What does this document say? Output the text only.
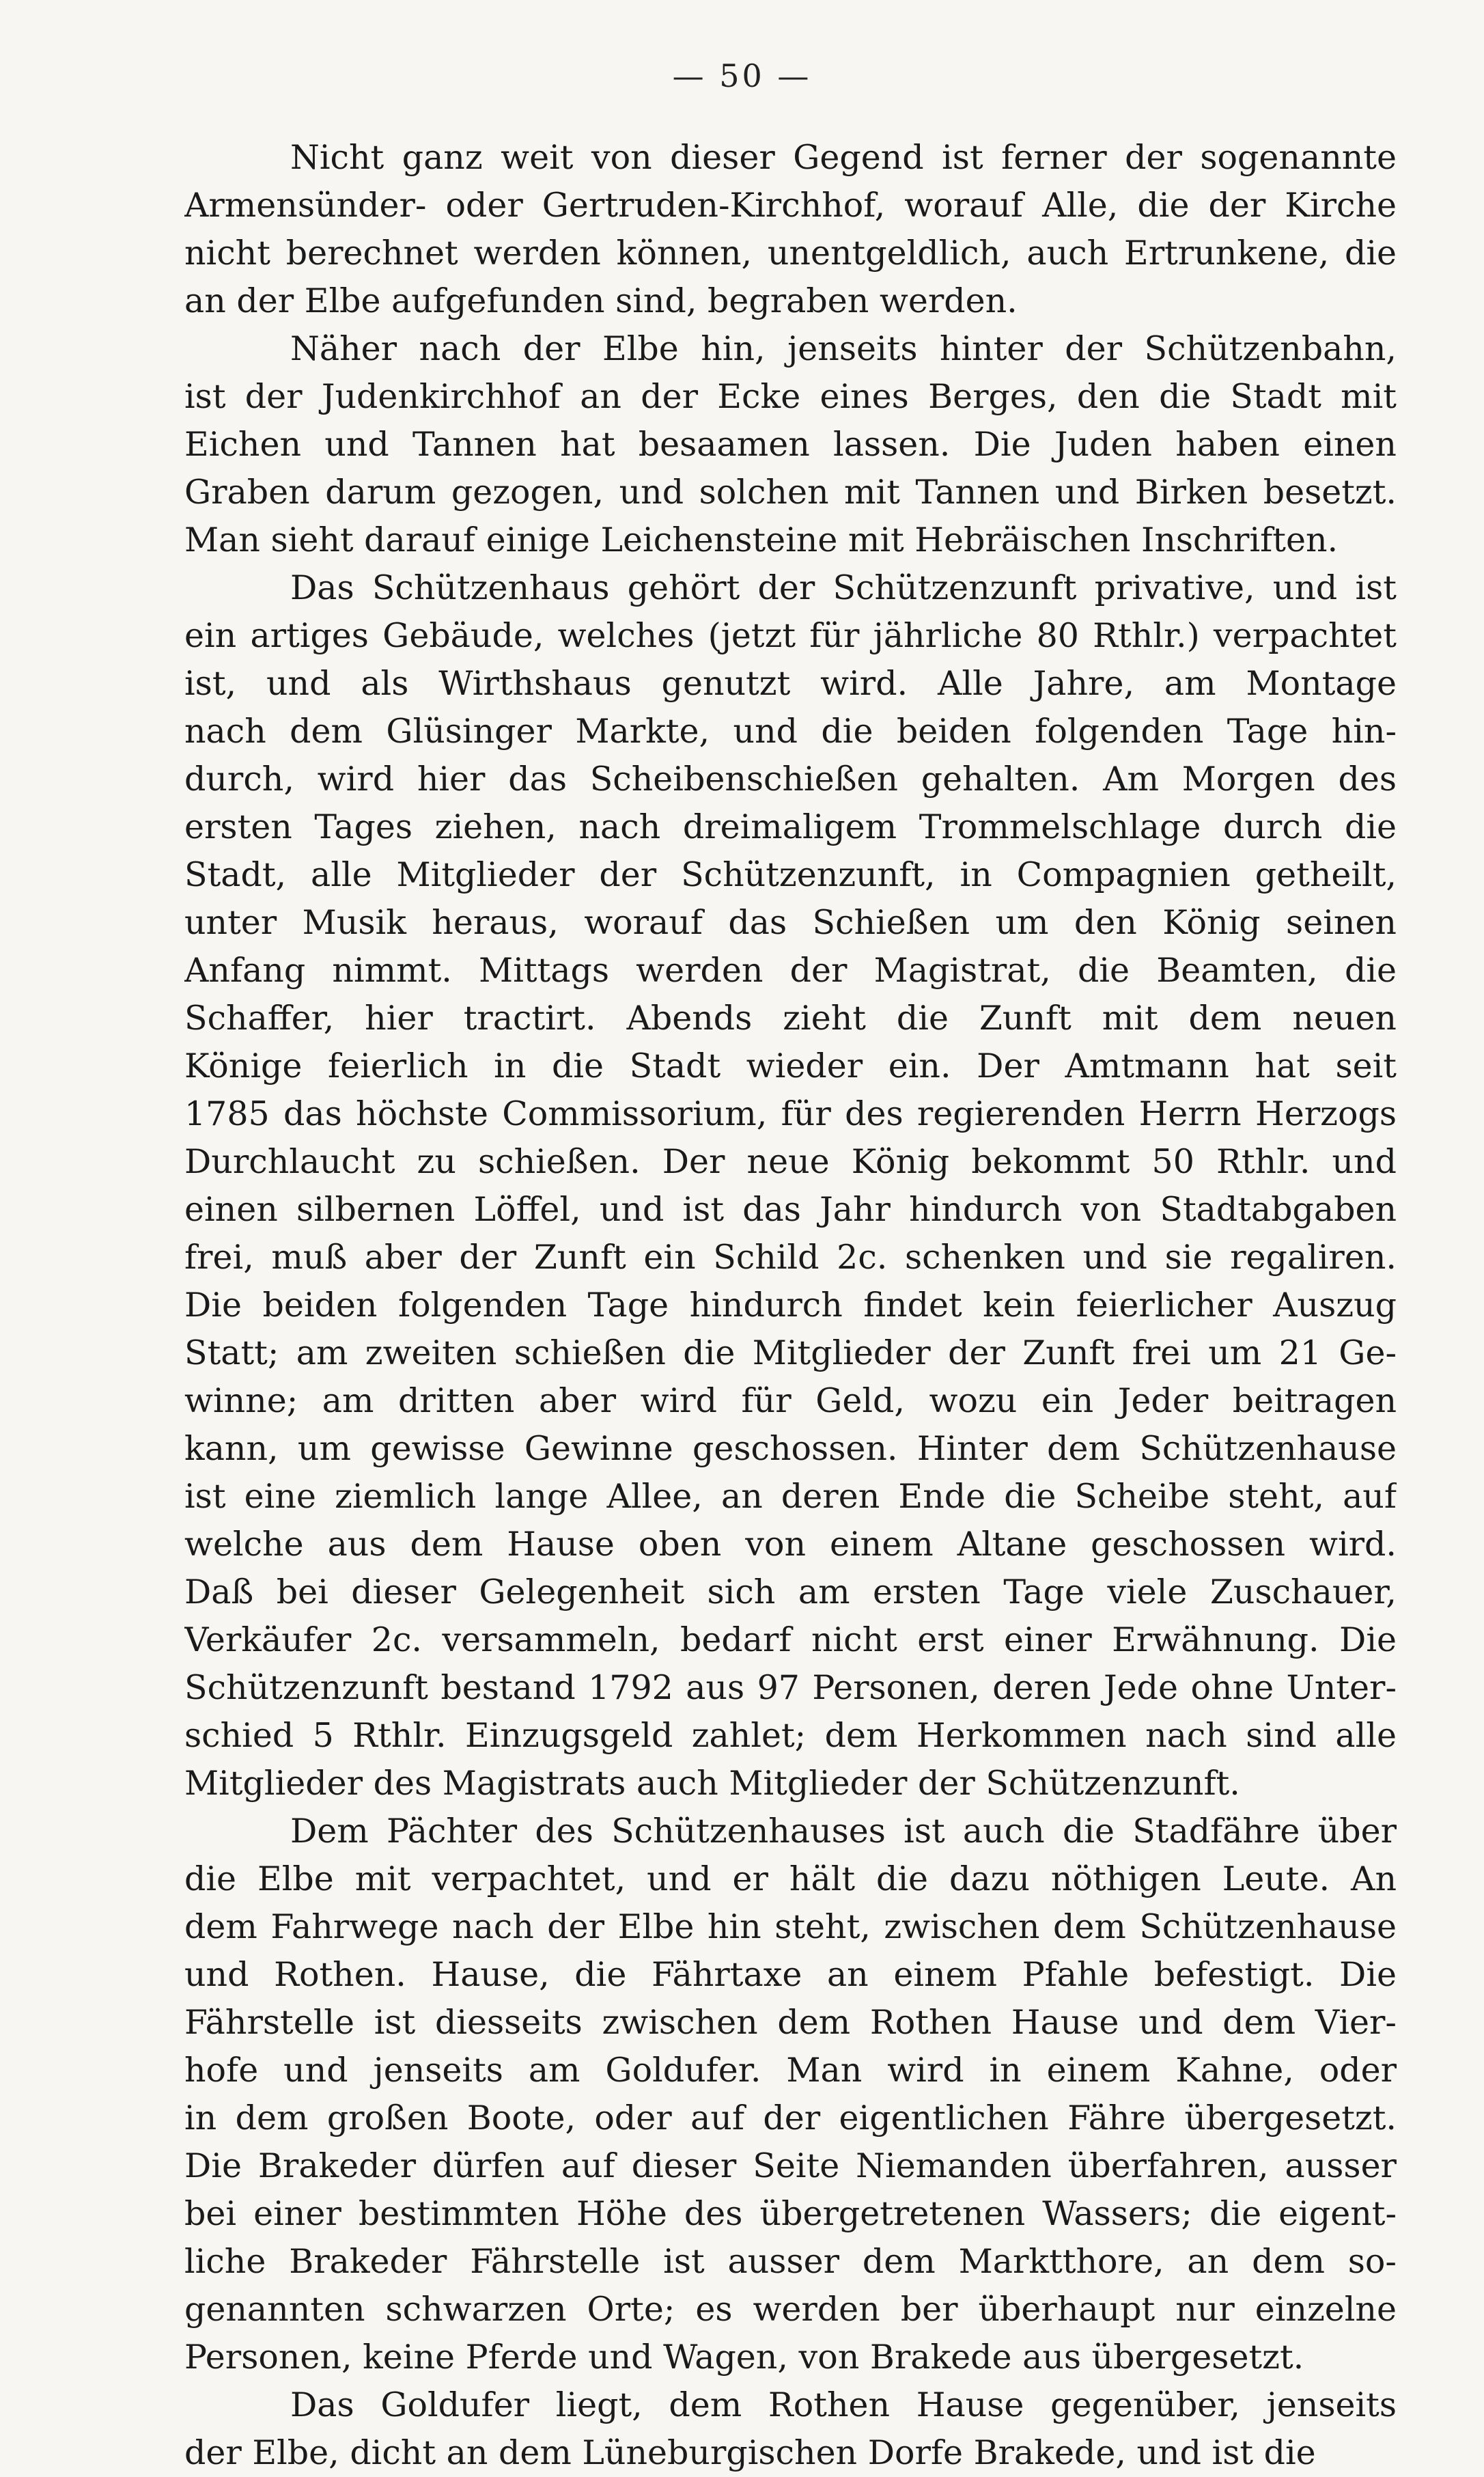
— 50 —
Nicht ganz weit von dieser Gegend ist ferner der sogenannte
Armensünder- oder Gertruden-Kirchhof, worauf Alle, die der Kirche
nicht berechnet werden können, unentgeldlich, auch Ertrunkene, die
an der Elbe aufgefunden sind, begraben werden.
Näher nach der Elbe hin, jenseits hinter der Schützenbahn,
ist der Judenkirchhof an der Ecke eines Berges, den die Stadt mit
Eichen und Tannen hat besaamen lassen. Die Juden haben einen
Graben darum gezogen, und solchen mit Tannen und Birken besetzt.
Man sieht darauf einige Leichensteine mit Hebräischen Inschriften.
Das Schützenhaus gehört der Schützenzunft privative, und ist
ein artiges Gebäude, welches (jetzt für jährliche 80 Rthlr.) verpachtet
ist, und als Wirthshaus genutzt wird. Alle Jahre, am Montage
nach dem Glüsinger Markte, und die beiden folgenden Tage hin-
durch, wird hier das Scheibenschießen gehalten. Am Morgen des
ersten Tages ziehen, nach dreimaligem Trommelschlage durch die
Stadt, alle Mitglieder der Schützenzunft, in Compagnien getheilt,
unter Musik heraus, worauf das Schießen um den König seinen
Anfang nimmt. Mittags werden der Magistrat, die Beamten, die
Schaffer, hier tractirt. Abends zieht die Zunft mit dem neuen
Könige feierlich in die Stadt wieder ein. Der Amtmann hat seit
1785 das höchste Commissorium, für des regierenden Herrn Herzogs
Durchlaucht zu schießen. Der neue König bekommt 50 Rthlr. und
einen silbernen Löffel, und ist das Jahr hindurch von Stadtabgaben
frei, muß aber der Zunft ein Schild 2c. schenken und sie regaliren.
Die beiden folgenden Tage hindurch findet kein feierlicher Auszug
Statt; am zweiten schießen die Mitglieder der Zunft frei um 21 Ge-
winne; am dritten aber wird für Geld, wozu ein Jeder beitragen
kann, um gewisse Gewinne geschossen. Hinter dem Schützenhause
ist eine ziemlich lange Allee, an deren Ende die Scheibe steht, auf
welche aus dem Hause oben von einem Altane geschossen wird.
Daß bei dieser Gelegenheit sich am ersten Tage viele Zuschauer,
Verkäufer 2c. versammeln, bedarf nicht erst einer Erwähnung. Die
Schützenzunft bestand 1792 aus 97 Personen, deren Jede ohne Unter-
schied 5 Rthlr. Einzugsgeld zahlet; dem Herkommen nach sind alle
Mitglieder des Magistrats auch Mitglieder der Schützenzunft.
Dem Pächter des Schützenhauses ist auch die Stadfähre über
die Elbe mit verpachtet, und er hält die dazu nöthigen Leute. An
dem Fahrwege nach der Elbe hin steht, zwischen dem Schützenhause
und Rothen. Hause, die Fährtaxe an einem Pfahle befestigt. Die
Fährstelle ist diesseits zwischen dem Rothen Hause und dem Vier-
hofe und jenseits am Goldufer. Man wird in einem Kahne, oder
in dem großen Boote, oder auf der eigentlichen Fähre übergesetzt.
Die Brakeder dürfen auf dieser Seite Niemanden überfahren, ausser
bei einer bestimmten Höhe des übergetretenen Wassers; die eigent-
liche Brakeder Fährstelle ist ausser dem Marktthore, an dem so-
genannten schwarzen Orte; es werden ber überhaupt nur einzelne
Personen, keine Pferde und Wagen, von Brakede aus übergesetzt.
Das Goldufer liegt, dem Rothen Hause gegenüber, jenseits
der Elbe, dicht an dem Lüneburgischen Dorfe Brakede, und ist die
